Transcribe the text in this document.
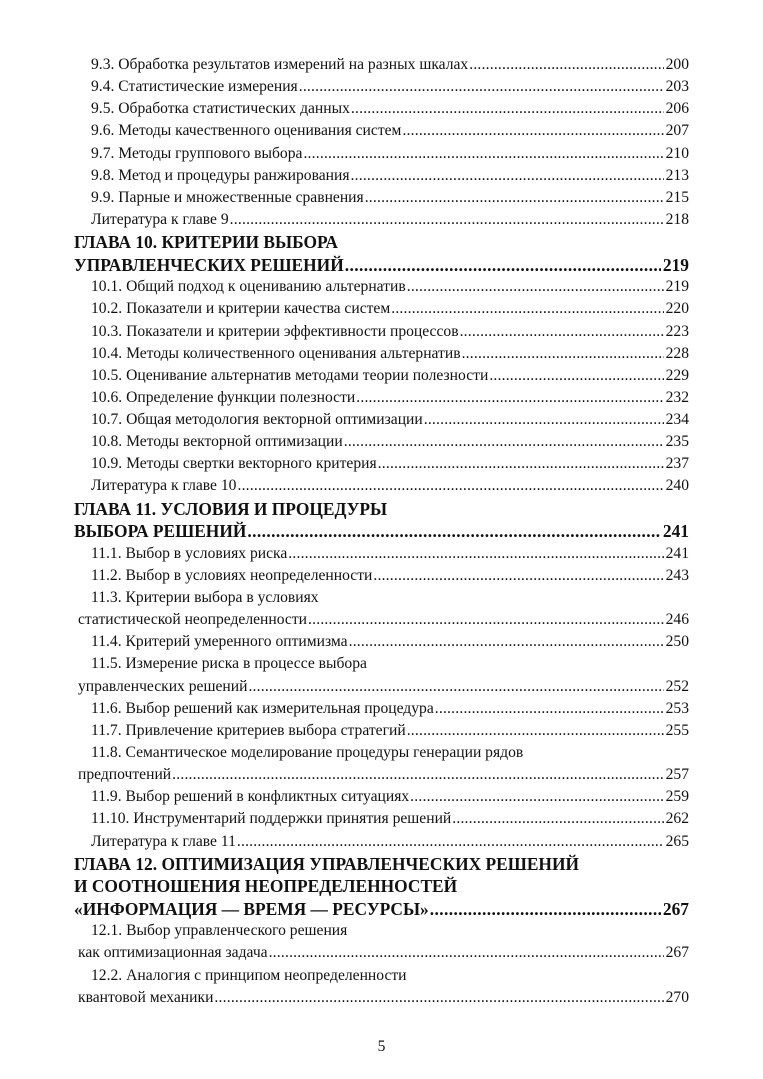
9.3. Обработка результатов измерений на разных шкалах .....	200
9.4. Статистические измерения .....	203
9.5. Обработка статистических данных .....	206
9.6. Методы качественного оценивания систем .....	207
9.7. Методы группового выбора .....	210
9.8. Метод и процедуры ранжирования .....	213
9.9. Парные и множественные сравнения .....	215
Литература к главе 9 .....	218
ГЛАВА 10. КРИТЕРИИ ВЫБОРА
УПРАВЛЕНЧЕСКИХ РЕШЕНИЙ .....	219
10.1. Общий подход к оцениванию альтернатив .....	219
10.2. Показатели и критерии качества систем .....	220
10.3. Показатели и критерии эффективности процессов .....	223
10.4. Методы количественного оценивания альтернатив .....	228
10.5. Оценивание альтернатив методами теории полезности .....	229
10.6. Определение функции полезности .....	232
10.7. Общая методология векторной оптимизации .....	234
10.8. Методы векторной оптимизации .....	235
10.9. Методы свертки векторного критерия .....	237
Литература к главе 10 .....	240
ГЛАВА 11. УСЛОВИЯ И ПРОЦЕДУРЫ
ВЫБОРА РЕШЕНИЙ .....	241
11.1. Выбор в условиях риска .....	241
11.2. Выбор в условиях неопределенности .....	243
11.3. Критерии выбора в условиях
статистической неопределенности .....	246
11.4. Критерий умеренного оптимизма .....	250
11.5. Измерение риска в процессе выбора
управленческих решений .....	252
11.6. Выбор решений как измерительная процедура .....	253
11.7. Привлечение критериев выбора стратегий .....	255
11.8. Семантическое моделирование процедуры генерации рядов
предпочтений .....	257
11.9. Выбор решений в конфликтных ситуациях .....	259
11.10. Инструментарий поддержки принятия решений .....	262
Литература к главе 11 .....	265
ГЛАВА 12. ОПТИМИЗАЦИЯ УПРАВЛЕНЧЕСКИХ РЕШЕНИЙ
И СООТНОШЕНИЯ НЕОПРЕДЕЛЕННОСТЕЙ
«ИНФОРМАЦИЯ — ВРЕМЯ — РЕСУРСЫ» .....	267
12.1. Выбор управленческого решения
как оптимизационная задача .....	267
12.2. Аналогия с принципом неопределенности
квантовой механики .....	270
5
